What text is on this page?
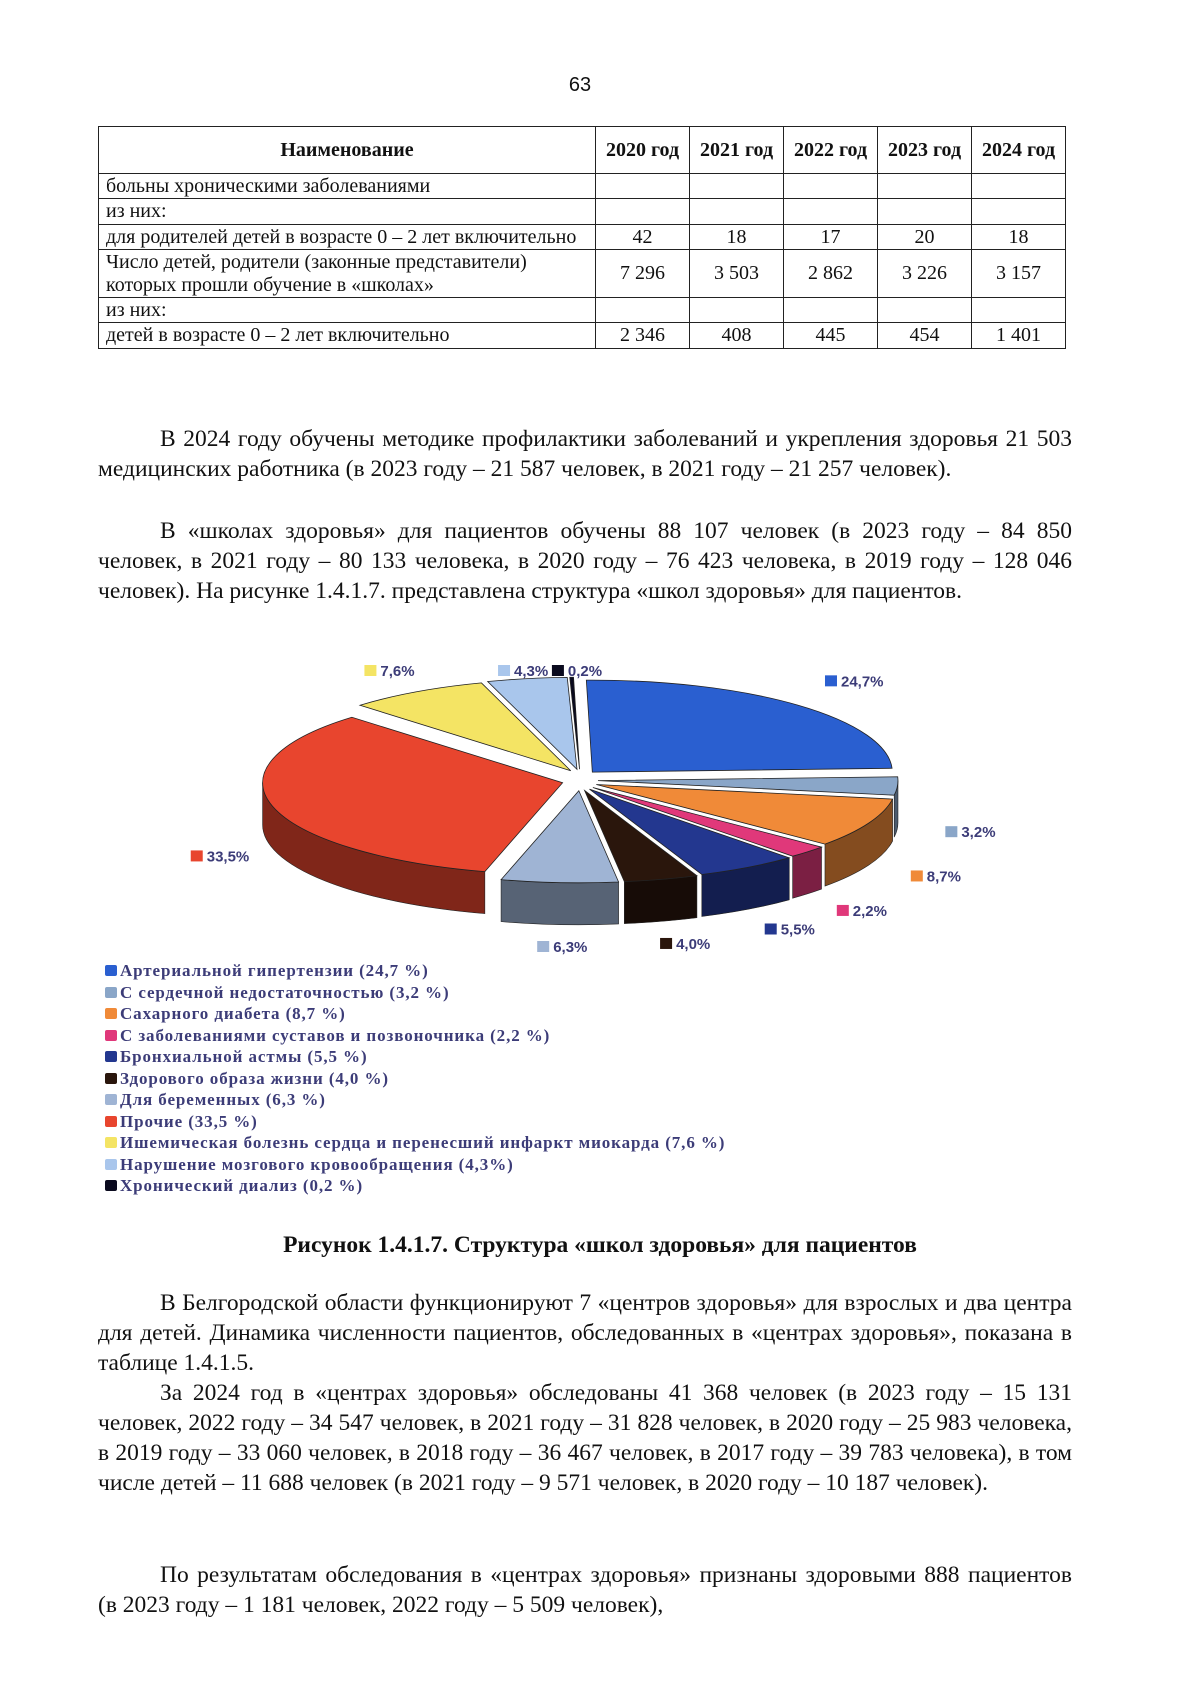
63
Наименование	2020 год	2021 год	2022 год	2023 год	2024 год
больны хроническими заболеваниями					
из них:					
для родителей детей в возрасте 0 – 2 лет включительно	42	18	17	20	18
Число детей, родители (законные представители) которых прошли обучение в «школах»	7 296	3 503	2 862	3 226	3 157
из них:					
детей в возрасте 0 – 2 лет включительно	2 346	408	445	454	1 401

В 2024 году обучены методике профилактики заболеваний и укрепления здоровья 21 503 медицинских работника (в 2023 году – 21 587 человек, в 2021 году – 21 257 человек).

В «школах здоровья» для пациентов обучены 88 107 человек (в 2023 году – 84 850 человек, в 2021 году – 80 133 человека, в 2020 году – 76 423 человека, в 2019 году – 128 046 человек). На рисунке 1.4.1.7. представлена структура «школ здоровья» для пациентов.

24,7%
3,2%
8,7%
2,2%
5,5%
4,0%
6,3%
33,5%
7,6%	4,3% 0,2%
Артериальной гипертензии (24,7 %)
С сердечной недостаточностью (3,2 %)
Сахарного диабета (8,7 %)
С заболеваниями суставов и позвоночника (2,2 %)
Бронхиальной астмы (5,5 %)
Здорового образа жизни (4,0 %)
Для беременных (6,3 %)
Прочие (33,5 %)
Ишемическая болезнь сердца и перенесший инфаркт миокарда (7,6 %)
Нарушение мозгового кровообращения (4,3%)
Хронический диализ (0,2 %)
Рисунок 1.4.1.7. Структура «школ здоровья» для пациентов

В Белгородской области функционируют 7 «центров здоровья» для взрослых и два центра для детей. Динамика численности пациентов, обследованных в «центрах здоровья», показана в таблице 1.4.1.5.

За 2024 год в «центрах здоровья» обследованы 41 368 человек (в 2023 году – 15 131 человек, 2022 году – 34 547 человек, в 2021 году – 31 828 человек, в 2020 году – 25 983 человека, в 2019 году – 33 060 человек, в 2018 году – 36 467 человек, в 2017 году – 39 783 человека), в том числе детей – 11 688 человек (в 2021 году – 9 571 человек, в 2020 году – 10 187 человек).

По результатам обследования в «центрах здоровья» признаны здоровыми 888 пациентов (в 2023 году – 1 181 человек, 2022 году – 5 509 человек),
